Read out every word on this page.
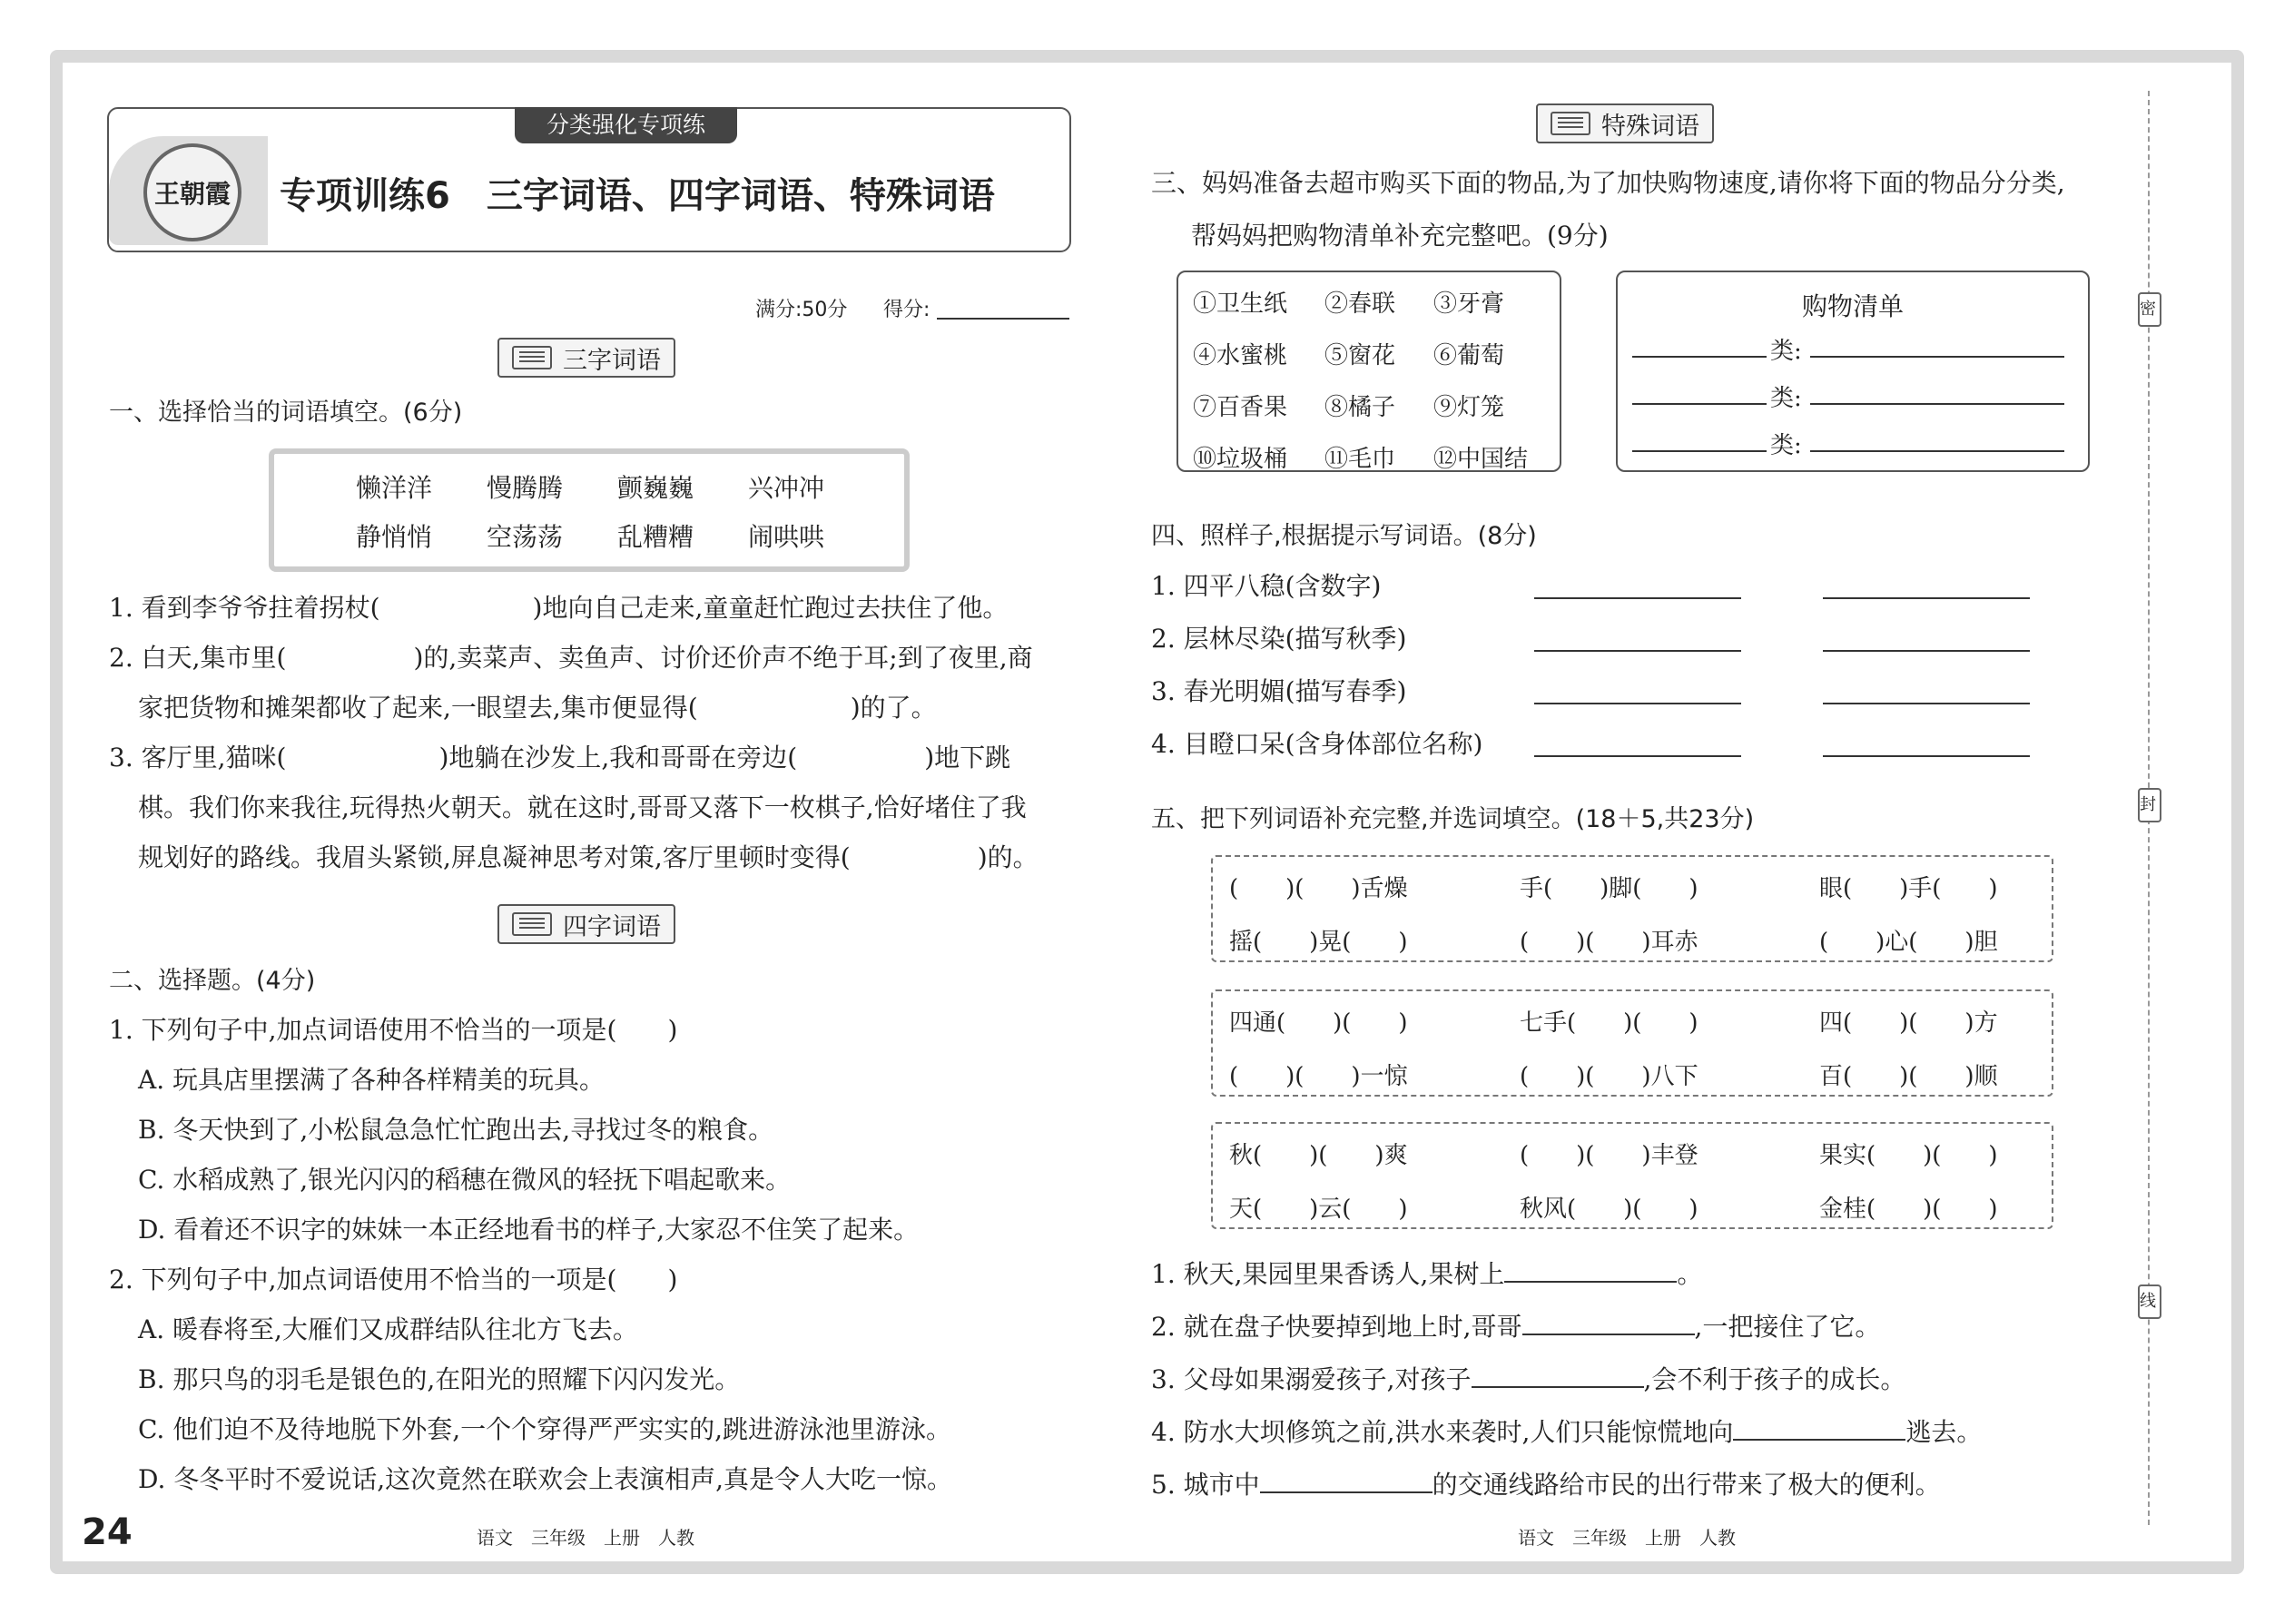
王朝霞
分类强化专项练
专项训练6　三字词语、四字词语、特殊词语
满分:50分 得分:
三字词语
一、选择恰当的词语填空。(6分)
懒洋洋 慢腾腾 颤巍巍 兴冲冲
静悄悄 空荡荡 乱糟糟 闹哄哄
1. 看到李爷爷拄着拐杖(　　　　　　)地向自己走来,童童赶忙跑过去扶住了他。
2. 白天,集市里(　　　　　)的,卖菜声、卖鱼声、讨价还价声不绝于耳;到了夜里,商
家把货物和摊架都收了起来,一眼望去,集市便显得(　　　　　　)的了。
3. 客厅里,猫咪(　　　　　　)地躺在沙发上,我和哥哥在旁边(　　　　　)地下跳
棋。我们你来我往,玩得热火朝天。就在这时,哥哥又落下一枚棋子,恰好堵住了我
规划好的路线。我眉头紧锁,屏息凝神思考对策,客厅里顿时变得(　　　　　)的。
四字词语
二、选择题。(4分)
1. 下列句子中,加点词语使用不恰当的一项是(　　)
A. 玩具店里摆满了各种各样精美的玩具。
B. 冬天快到了,小松鼠急急忙忙跑出去,寻找过冬的粮食。
C. 水稻成熟了,银光闪闪的稻穗在微风的轻抚下唱起歌来。
D. 看着还不识字的妹妹一本正经地看书的样子,大家忍不住笑了起来。
2. 下列句子中,加点词语使用不恰当的一项是(　　)
A. 暖春将至,大雁们又成群结队往北方飞去。
B. 那只鸟的羽毛是银色的,在阳光的照耀下闪闪发光。
C. 他们迫不及待地脱下外套,一个个穿得严严实实的,跳进游泳池里游泳。
D. 冬冬平时不爱说话,这次竟然在联欢会上表演相声,真是令人大吃一惊。
24	语文　三年级　上册　人教
特殊词语
三、妈妈准备去超市购买下面的物品,为了加快购物速度,请你将下面的物品分分类,
帮妈妈把购物清单补充完整吧。(9分)
①卫生纸	②春联	③牙膏
④水蜜桃	⑤窗花	⑥葡萄
⑦百香果	⑧橘子	⑨灯笼
⑩垃圾桶	⑪毛巾	⑫中国结
购物清单
类:
类:
类:
四、照样子,根据提示写词语。(8分)
1. 四平八稳(含数字)
2. 层林尽染(描写秋季)
3. 春光明媚(描写春季)
4. 目瞪口呆(含身体部位名称)
五、把下列词语补充完整,并选词填空。(18＋5,共23分)
(　　)(　　)舌燥	手(　　)脚(　　)	眼(　　)手(　　)
摇(　　)晃(　　)	(　　)(　　)耳赤	(　　)心(　　)胆
四通(　　)(　　)	七手(　　)(　　)	四(　　)(　　)方
(　　)(　　)一惊	(　　)(　　)八下	百(　　)(　　)顺
秋(　　)(　　)爽	(　　)(　　)丰登	果实(　　)(　　)
天(　　)云(　　)	秋风(　　)(　　)	金桂(　　)(　　)
1. 秋天,果园里果香诱人,果树上	。
2. 就在盘子快要掉到地上时,哥哥	,一把接住了它。
3. 父母如果溺爱孩子,对孩子	,会不利于孩子的成长。
4. 防水大坝修筑之前,洪水来袭时,人们只能惊慌地向	逃去。
5. 城市中	的交通线路给市民的出行带来了极大的便利。
语文　三年级　上册　人教
密
封
线
